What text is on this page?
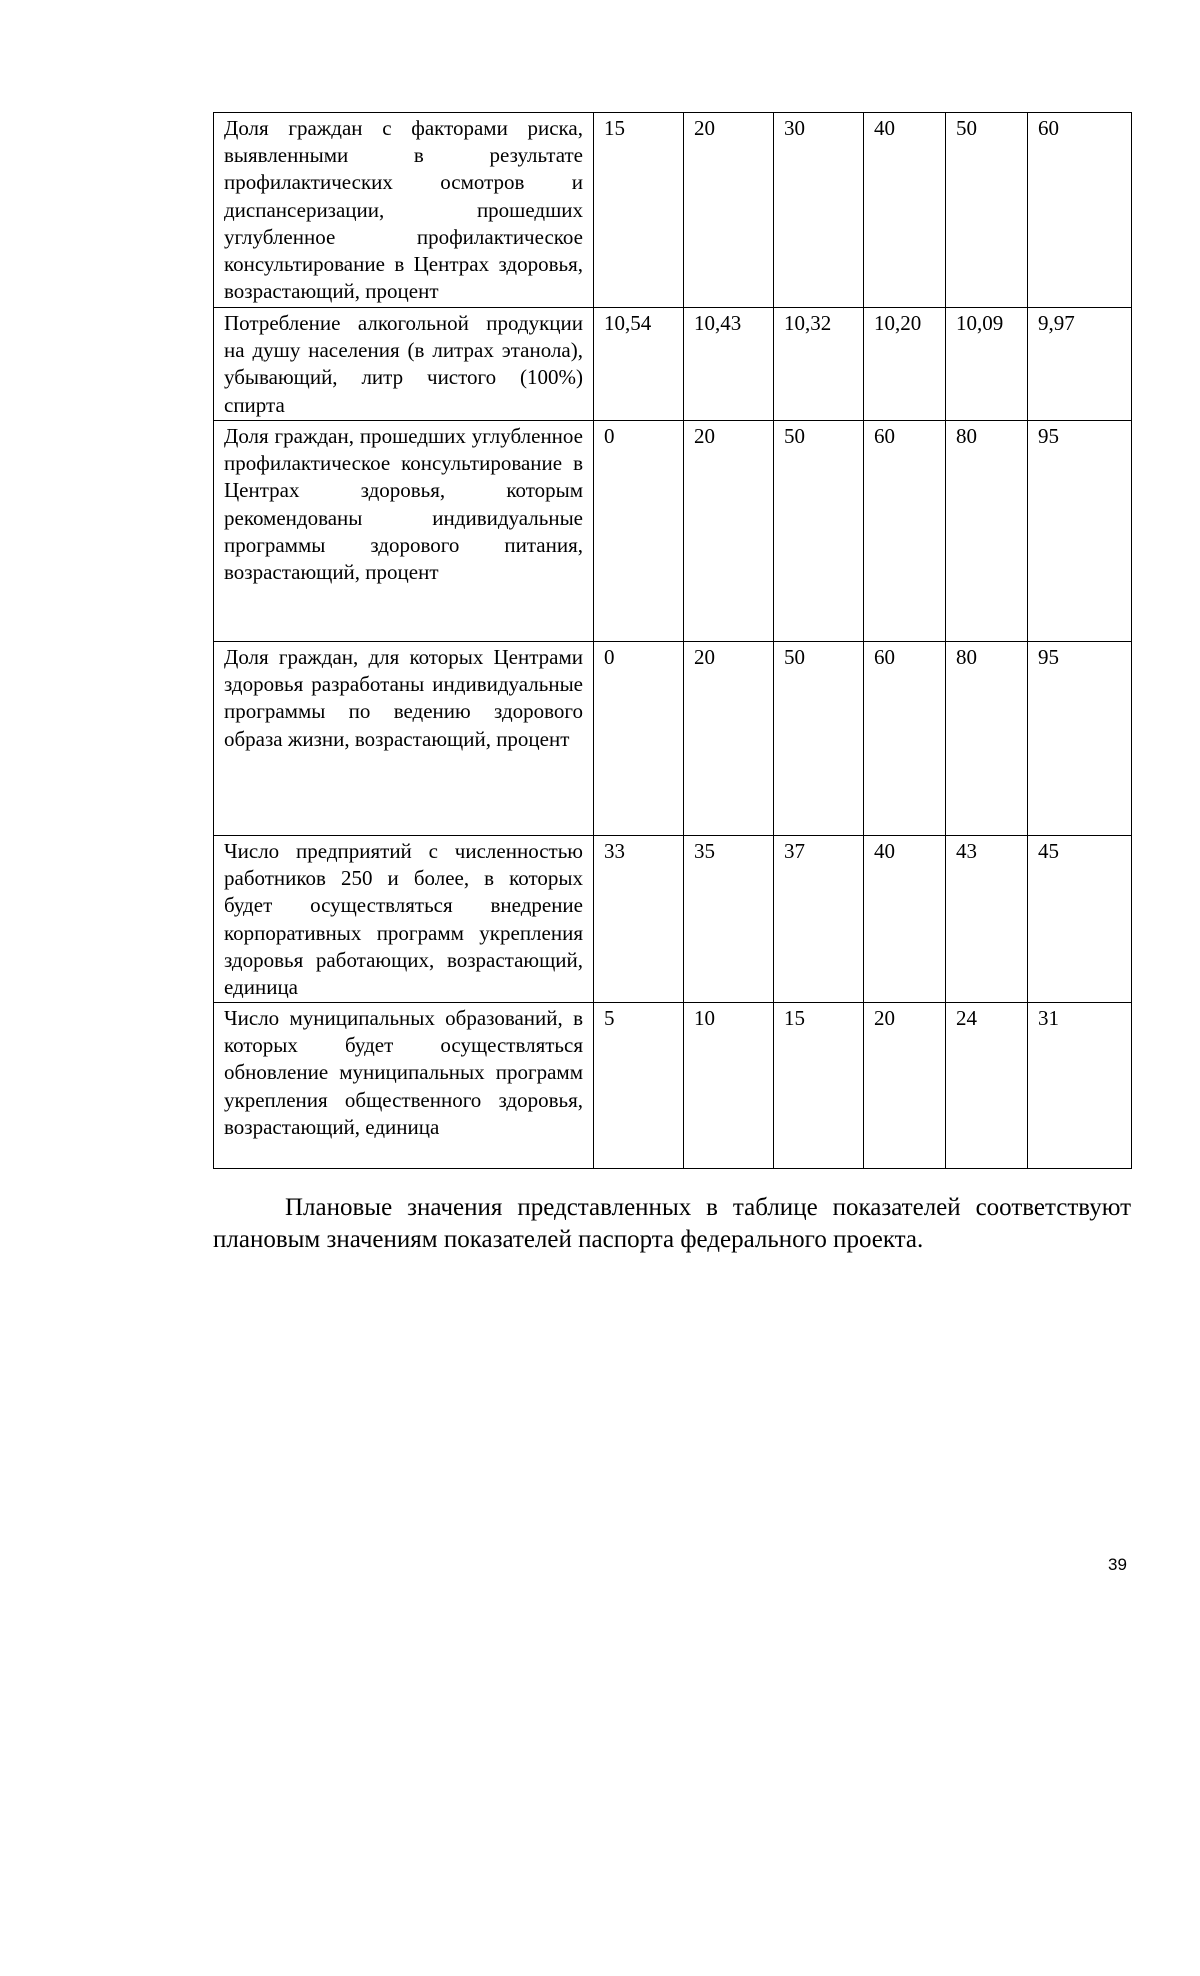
Доля граждан с факторами риска, выявленными в результате профилактических осмотров и диспансеризации, прошедших углубленное профилактическое консультирование в Центрах здоровья, возрастающий, процент	15	20	30	40	50	60
Потребление алкогольной продукции на душу населения (в литрах этанола), убывающий, литр чистого (100%) спирта	10,54	10,43	10,32	10,20	10,09	9,97
Доля граждан, прошедших углубленное профилактическое консультирование в Центрах здоровья, которым рекомендованы индивидуальные программы здорового питания, возрастающий, процент	0	20	50	60	80	95
Доля граждан, для которых Центрами здоровья разработаны индивидуальные программы по ведению здорового образа жизни, возрастающий, процент	0	20	50	60	80	95
Число предприятий с численностью работников 250 и более, в которых будет осуществляться внедрение корпоративных программ укрепления здоровья работающих, возрастающий, единица	33	35	37	40	43	45
Число муниципальных образований, в которых будет осуществляться обновление муниципальных программ укрепления общественного здоровья, возрастающий, единица	5	10	15	20	24	31

Плановые значения представленных в таблице показателей соответствуют плановым значениям показателей паспорта федерального проекта.

39
